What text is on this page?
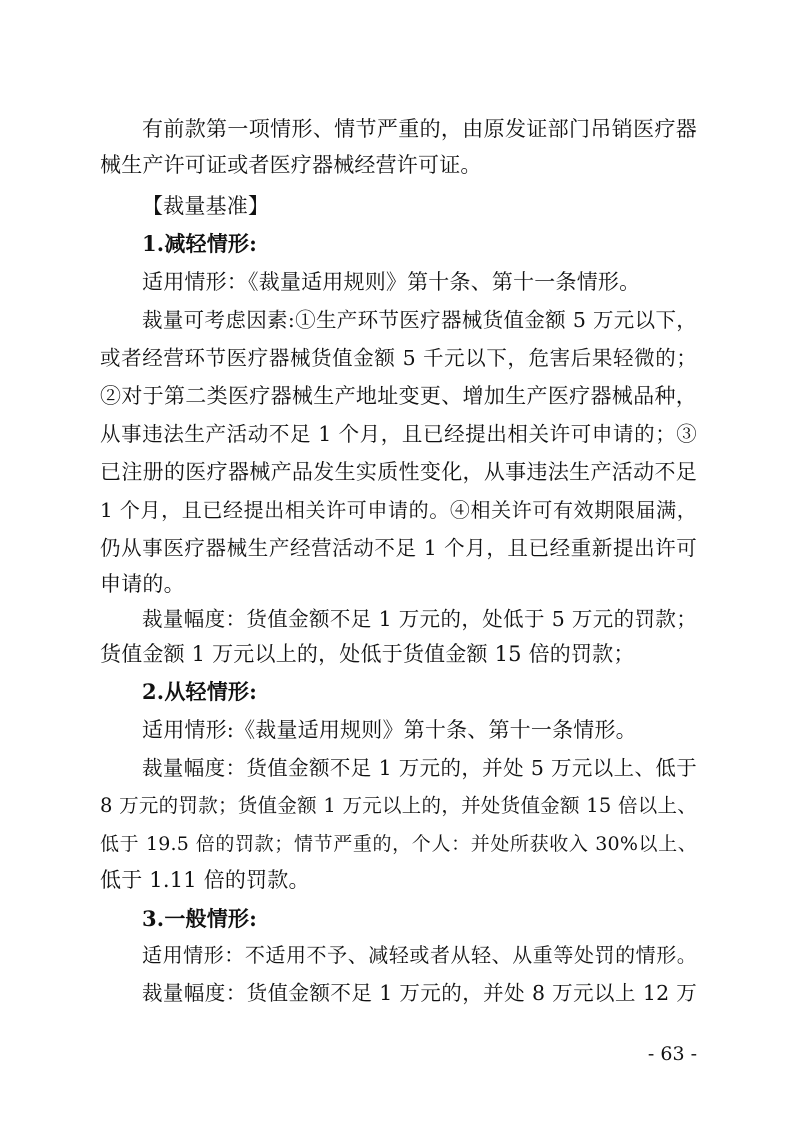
有前款第一项情形、情节严重的，由原发证部门吊销医疗器
械生产许可证或者医疗器械经营许可证。
【裁量基准】
1.减轻情形:
适用情形：《裁量适用规则》第十条、第十一条情形。
裁量可考虑因素:①生产环节医疗器械货值金额 5 万元以下，
或者经营环节医疗器械货值金额 5 千元以下，危害后果轻微的；
②对于第二类医疗器械生产地址变更、增加生产医疗器械品种，
从事违法生产活动不足 1 个月，且已经提出相关许可申请的；③
已注册的医疗器械产品发生实质性变化，从事违法生产活动不足
1 个月，且已经提出相关许可申请的。④相关许可有效期限届满，
仍从事医疗器械生产经营活动不足 1 个月，且已经重新提出许可
申请的。
裁量幅度：货值金额不足 1 万元的，处低于 5 万元的罚款；
货值金额 1 万元以上的，处低于货值金额 15 倍的罚款；
2.从轻情形:
适用情形:《裁量适用规则》第十条、第十一条情形。
裁量幅度：货值金额不足 1 万元的，并处 5 万元以上、低于
8 万元的罚款；货值金额 1 万元以上的，并处货值金额 15 倍以上、
低于 19.5 倍的罚款；情节严重的，个人：并处所获收入 30%以上、
低于 1.11 倍的罚款。
3.一般情形:
适用情形：不适用不予、减轻或者从轻、从重等处罚的情形。
裁量幅度：货值金额不足 1 万元的，并处 8 万元以上 12 万
- 63 -
